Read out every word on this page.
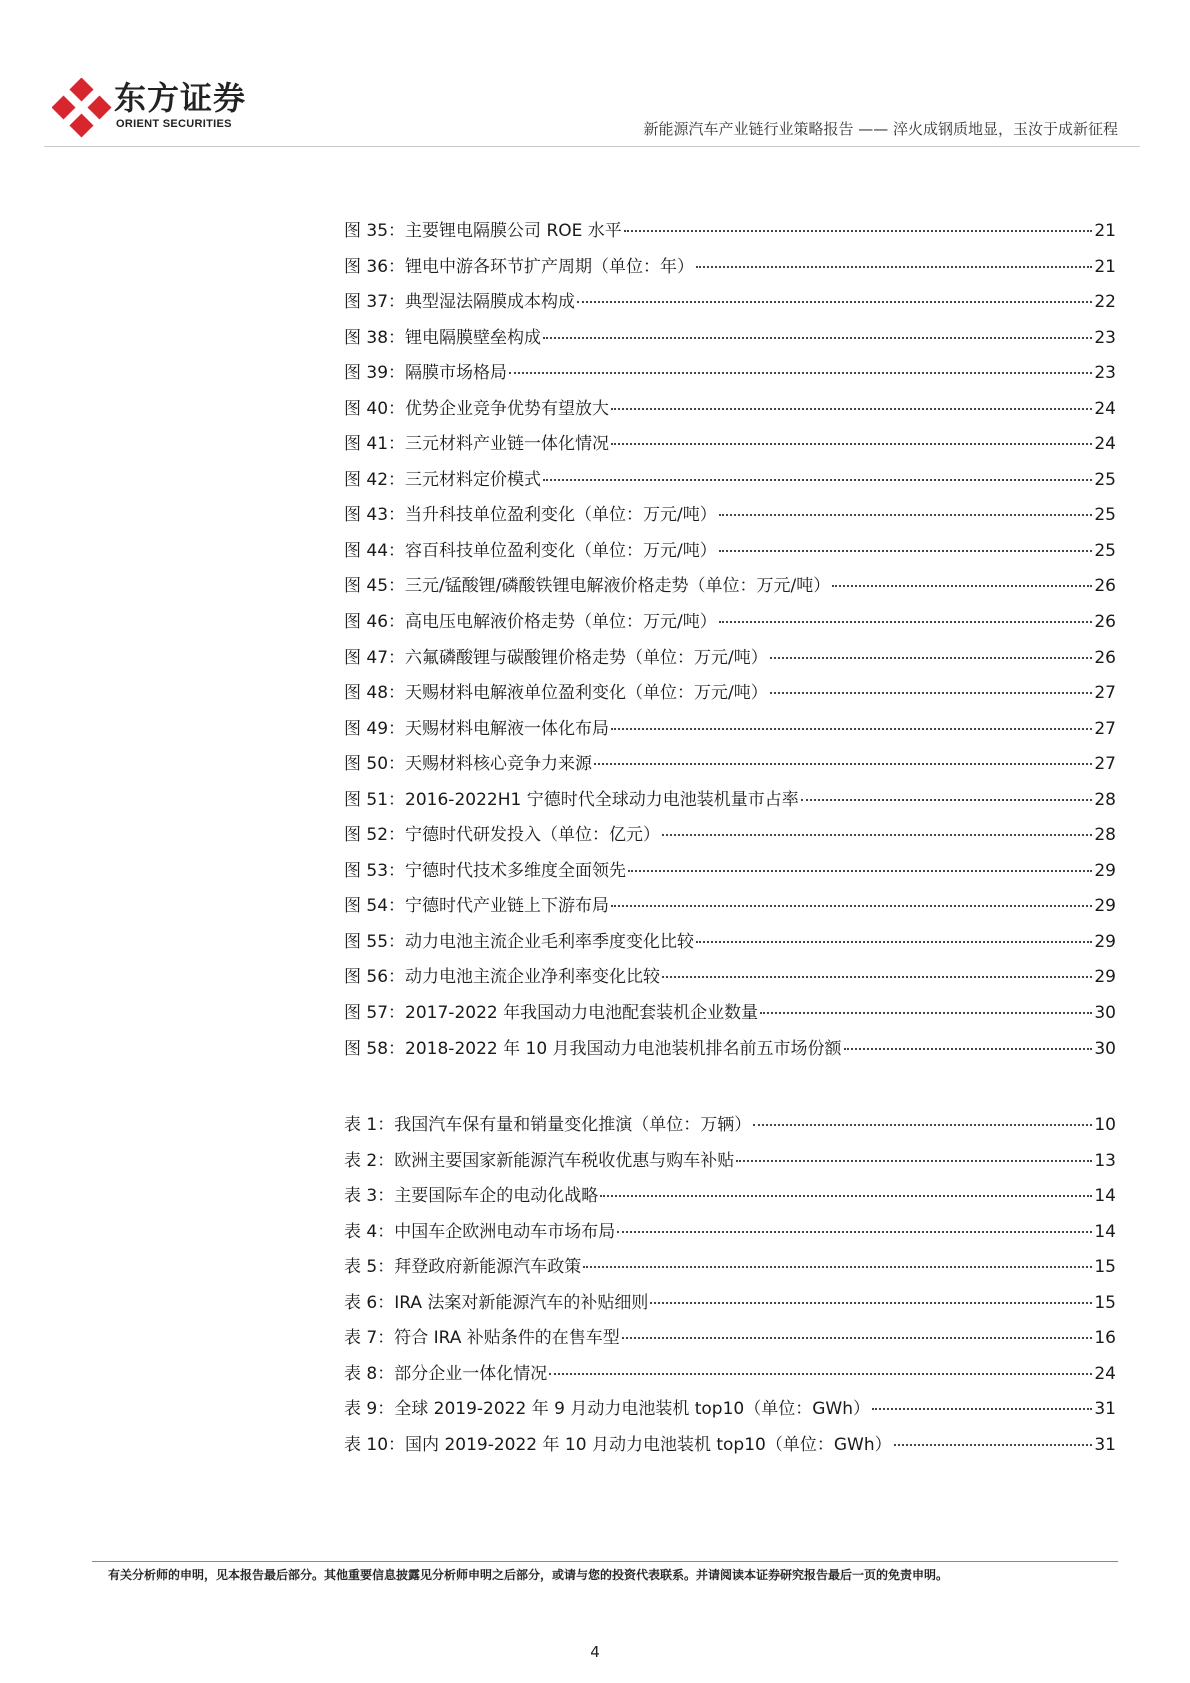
东方证券
ORIENT SECURITIES	新能源汽车产业链行业策略报告 —— 淬火成钢质地显，玉汝于成新征程
图 35： 主要锂电隔膜公司 ROE 水平	21
图 36： 锂电中游各环节扩产周期（单位：年）	21
图 37： 典型湿法隔膜成本构成	22
图 38： 锂电隔膜壁垒构成	23
图 39： 隔膜市场格局	23
图 40： 优势企业竞争优势有望放大	24
图 41： 三元材料产业链一体化情况	24
图 42： 三元材料定价模式	25
图 43： 当升科技单位盈利变化（单位：万元/吨）	25
图 44： 容百科技单位盈利变化（单位：万元/吨）	25
图 45： 三元/锰酸锂/磷酸铁锂电解液价格走势（单位：万元/吨）	26
图 46： 高电压电解液价格走势（单位：万元/吨）	26
图 47： 六氟磷酸锂与碳酸锂价格走势（单位：万元/吨）	26
图 48： 天赐材料电解液单位盈利变化（单位：万元/吨）	27
图 49： 天赐材料电解液一体化布局	27
图 50： 天赐材料核心竞争力来源	27
图 51： 2016-2022H1 宁德时代全球动力电池装机量市占率	28
图 52： 宁德时代研发投入（单位：亿元）	28
图 53： 宁德时代技术多维度全面领先	29
图 54： 宁德时代产业链上下游布局	29
图 55： 动力电池主流企业毛利率季度变化比较	29
图 56： 动力电池主流企业净利率变化比较	29
图 57： 2017-2022 年我国动力电池配套装机企业数量	30
图 58： 2018-2022 年 10 月我国动力电池装机排名前五市场份额	30
表 1： 我国汽车保有量和销量变化推演（单位：万辆）	10
表 2： 欧洲主要国家新能源汽车税收优惠与购车补贴	13
表 3： 主要国际车企的电动化战略	14
表 4： 中国车企欧洲电动车市场布局	14
表 5： 拜登政府新能源汽车政策	15
表 6： IRA 法案对新能源汽车的补贴细则	15
表 7： 符合 IRA 补贴条件的在售车型	16
表 8： 部分企业一体化情况	24
表 9： 全球 2019-2022 年 9 月动力电池装机 top10（单位：GWh）	31
表 10： 国内 2019-2022 年 10 月动力电池装机 top10（单位：GWh）	31
有关分析师的申明，见本报告最后部分。其他重要信息披露见分析师申明之后部分，或请与您的投资代表联系。并请阅读本证券研究报告最后一页的免责申明。
4
